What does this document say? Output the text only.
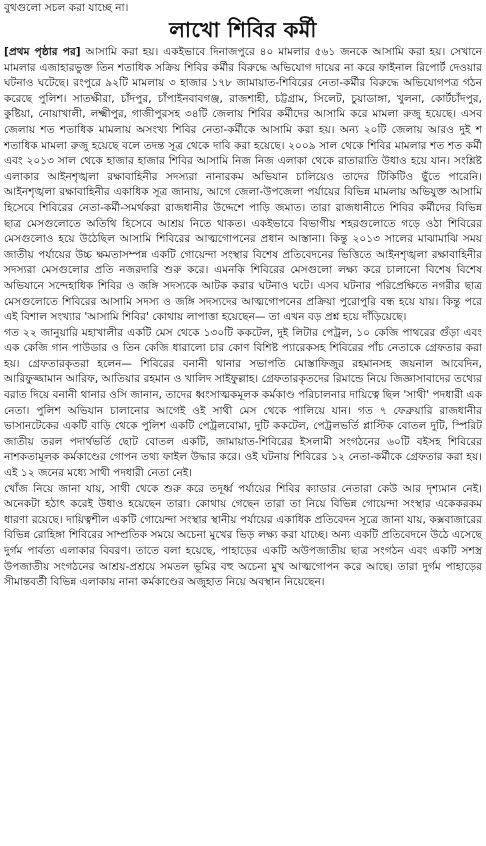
বুথগুলো সচল করা যাচ্ছে না।
লাখো শিবির কর্মী

[প্রথম পৃষ্ঠার পর] আসামি করা হয়। একইভাবে দিনাজপুরে ৪০ মামলার ৫৬১ জনকে আসামি করা হয়। সেখানে মামলার এজাহারভুক্ত তিন শতাধিক সক্রিয় শিবির কর্মীর বিরুদ্ধে অভিযোগ দায়ের না করে ফাইনাল রিপোর্ট দেওয়ার ঘটনাও ঘটেছে। রংপুরে ৯২টি মামলায় ৩ হাজার ১৭৮ জামায়াত-শিবিরের নেতা-কর্মীর বিরুদ্ধে অভিযোগপত্র গঠন করেছে পুলিশ। সাতক্ষীরা, চাঁদপুর, চাঁপাইনবাবগঞ্জ, রাজশাহী, চট্টগ্রাম, সিলেট, চুয়াডাঙ্গা, খুলনা, কোর্টচাঁদপুর, কুষ্টিয়া, নোয়াখালী, লক্ষ্মীপুর, গাজীপুরসহ ৩৪টি জেলায় শিবির কর্মীদের আসামি করে মামলা রুজু হয়েছে। এসব জেলায় শত শতাধিক মামলায় অসংখ্য শিবির নেতা-কর্মীকে আসামি করা হয়। অন্য ২০টি জেলায় আরও দুই শ শতাধিক মামলা রুজু হয়েছে বলে তদন্ত সূত্র থেকে দাবি করা হয়েছে। ২০০৯ সাল থেকে শিবির মামলার শত শত কর্মী এবং ২০১৩ সাল থেকে হাজার হাজার শিবির আসামি নিজ নিজ এলাকা থেকে রাতারাতি উধাও হয়ে যান। সংশ্লিষ্ট এলাকার আইনশৃঙ্খলা রক্ষাবাহিনীর সদস্যরা নানারকম অভিযান চালিয়েও তাদের টিকিটিও ছুঁতে পারেনি। আইনশৃঙ্খলা রক্ষাবাহিনীর একাধিক সূত্র জানায়, আগে জেলা-উপজেলা পর্যায়ের বিভিন্ন মামলায় অভিযুক্ত আসামি হিসেবে শিবিরের নেতা-কর্মী-সমর্থকরা রাজধানীর উদ্দেশে পাড়ি জমাত। তারা রাজধানীতে শিবির কর্মীদের বিভিন্ন ছাত্র মেসগুলোতে অতিথি হিসেবে আশ্রয় নিতে থাকত। একইভাবে বিভাগীয় শহরগুলোতে গড়ে ওঠা শিবিরের মেসগুলোও হয়ে উঠেছিল আসামি শিবিরের আত্মগোপনের প্রধান আস্তানা। কিন্তু ২০১৩ সালের মাঝামাঝি সময় জাতীয় পর্যায়ের উচ্চ ক্ষমতাসম্পন্ন একটি গোয়েন্দা সংস্থার বিশেষ প্রতিবেদনের ভিত্তিতে আইনশৃঙ্খলা রক্ষাবাহিনীর সদস্যরা মেসগুলোর প্রতি নজরদারি শুরু করে। এমনকি শিবিরের মেসগুলো লক্ষ্য করে চালানো বিশেষ বিশেষ অভিযানে সন্দেহাধিক শিবির ও জঙ্গি সদস্যকে আটক করার ঘটনাও ঘটে। এসব ঘটনার পরিপ্রেক্ষিতে নগরীর ছাত্র মেসগুলোতে শিবিরের আসামি সদস্য ও জঙ্গি সদস্যদের আত্মগোপনের প্রক্রিয়া পুরোপুরি বন্ধ হয়ে যায়। কিন্তু পরে এই বিশাল সংখ্যার 'আসামি শিবির' কোথায় লাপাত্তা হয়েছেন— তা এখন বড় প্রশ্ন হয়ে দাঁড়িয়েছে।

গত ২২ জানুয়ারি মহাখালীর একটি মেস থেকে ১৩০টি ককটেল, দুই লিটার পেট্রল, ১০ কেজি পাথরের গুঁড়া এবং এক কেজি গান পাউডার ও তিন কেজি ধারালো চার কোণ বিশিষ্ট প্যারেকসহ শিবিরের পাঁচ নেতাকে গ্রেফতার করা হয়। গ্রেফতারকৃতরা হলেন— শিবিরের বনানী থানার সভাপতি মোস্তাফিজুর রহমানসহ জয়নাল আবেদিন, আরিফুজ্জামান আরিফ, আতিয়ার রহমান ও খালিদ সাইফুল্লাহ। গ্রেফতারকৃতদের রিমান্ডে নিয়ে জিজ্ঞাসাবাদের তথ্যের বরাত দিয়ে বনানী থানার ওসি জানান, তাদের ধ্বংসাত্মকমূলক কর্মকাণ্ড পরিচালনার দায়িত্বে ছিল 'সাথী' পদধারী এক নেতা। পুলিশ অভিযান চালানোর আগেই ওই সাথী মেস থেকে পালিয়ে যান। গত ৭ ফেব্রুয়ারি রাজধানীর ভাসানটেকের একটি বাড়ি থেকে পুলিশ একটি পেট্রলবোমা, দুটি ককটেল, পেট্রলভর্তি প্লাস্টিক বোতল দুটি, স্পিরিট জাতীয় তরল পদার্থভর্তি ছোট বোতল একটি, জামায়াত-শিবিরের ইসলামী সংগঠনের ৬০টি বইসহ শিবিরের নাশকতামূলক কর্মকাণ্ডের গোপন তথ্য ফাইল উদ্ধার করে। ওই ঘটনায় শিবিরের ১২ নেতা-কর্মীকে গ্রেফতার করা হয়। এই ১২ জনের মধ্যে সাথী পদধারী নেতা নেই।

খোঁজ নিয়ে জানা যায়, সাথী থেকে শুরু করে তদূর্ধ্ব পর্যায়ের শিবির ক্যাডার নেতারা কেউ আর দৃশ্যমান নেই। অনেকটা হঠাৎ করেই উধাও হয়েছেন তারা। কোথায় গেছেন তারা তা নিয়ে বিভিন্ন গোয়েন্দা সংস্থার একেকরকম ধারণা রয়েছে। দায়িত্বশীল একটি গোয়েন্দা সংস্থার স্থানীয় পর্যায়ের একাধিক প্রতিবেদন সূত্রে জানা যায়, কক্সবাজারের বিভিন্ন রোহিঙ্গা শিবিরের সাম্প্রতিক সময়ে অচেনা মুখের ভিড় লক্ষ্য করা যাচ্ছে। অন্য একটি প্রতিবেদনে উঠে এসেছে দুর্গম পার্বত্য এলাকার বিবরণ। তাতে বলা হয়েছে, পাহাড়ের একটি অউপজাতীয় ছাত্র সংগঠন এবং একটি সশস্ত্র উপজাতীয় সংগঠনের আশ্রয়-প্রশ্রয়ে সমতল ভূমির বহু অচেনা মুখ আত্মগোপন করে আছে। তারা দুর্গম পাহাড়ের সীমান্তবর্তী বিভিন্ন এলাকায় নানা কর্মকাণ্ডের অজুহাত নিয়ে অবস্থান নিয়েছেন।
